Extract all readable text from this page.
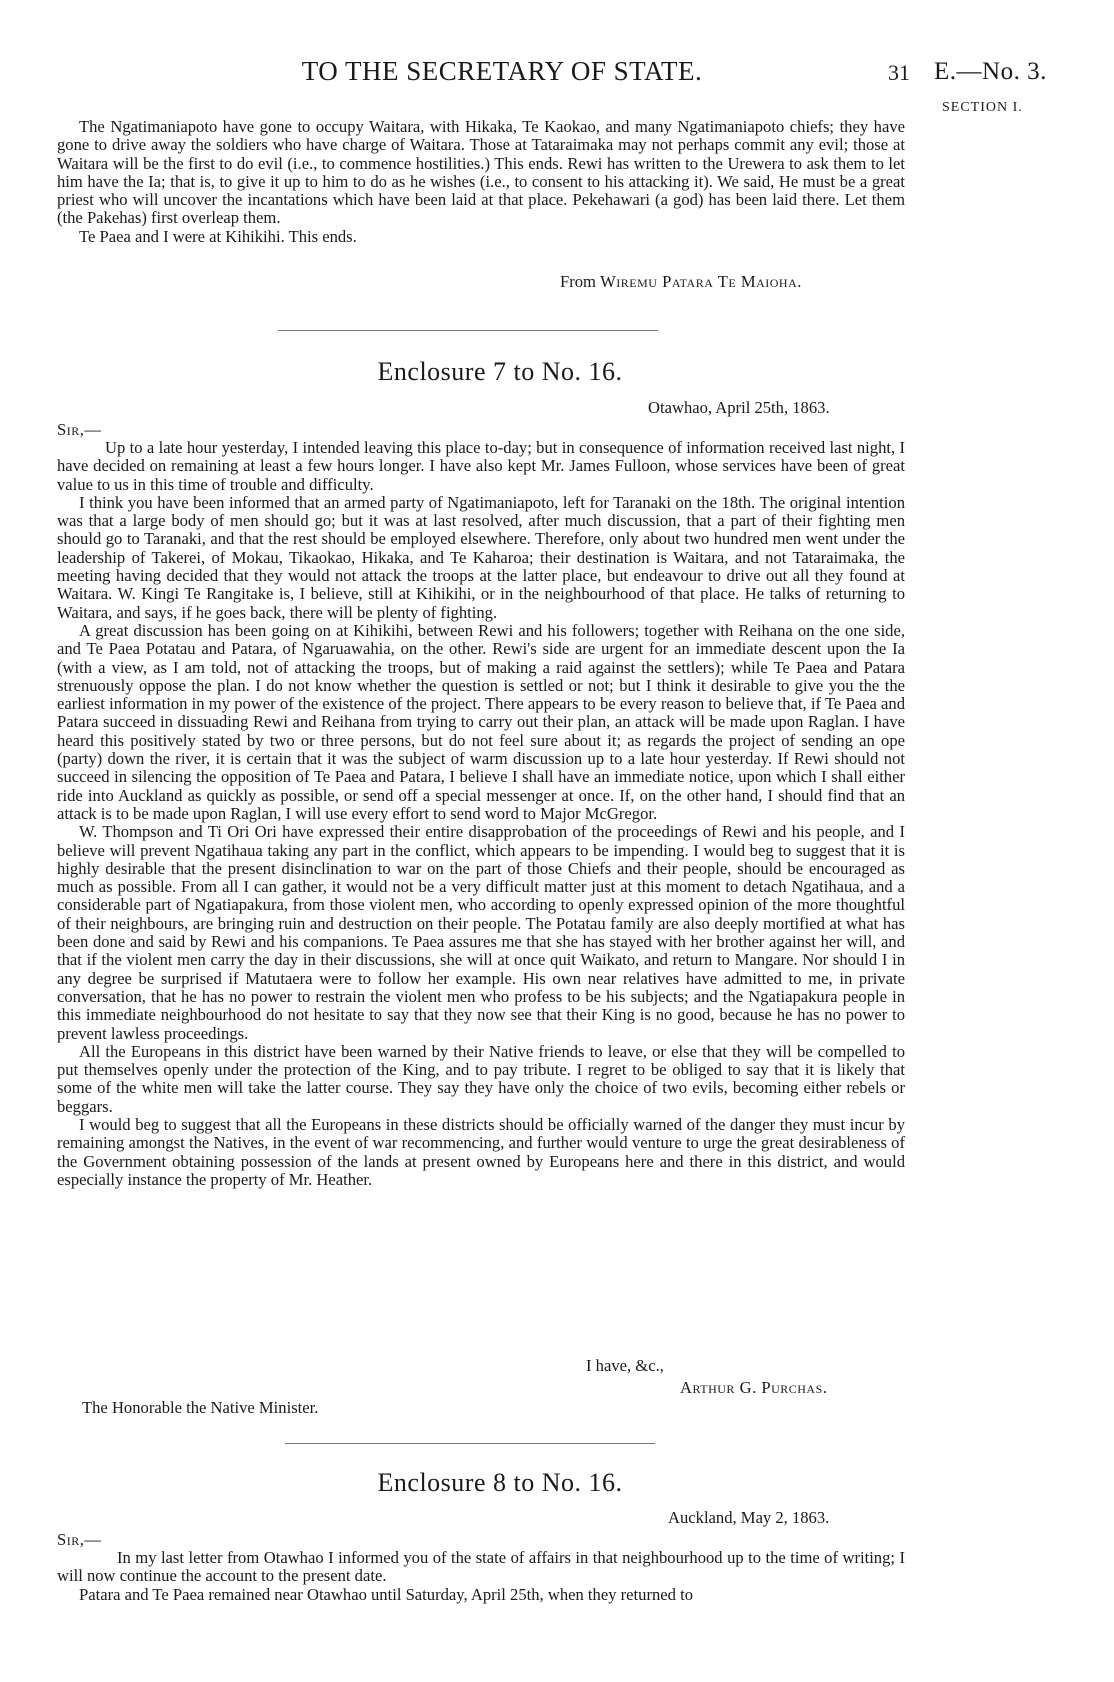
TO THE SECRETARY OF STATE.	31 E.—No. 3.
SECTION I.

The Ngatimaniapoto have gone to occupy Waitara, with Hikaka, Te Kaokao, and many Ngatimaniapoto chiefs; they have gone to drive away the soldiers who have charge of Waitara. Those at Tataraimaka may not perhaps commit any evil; those at Waitara will be the first to do evil (i.e., to commence hostilities.) This ends. Rewi has written to the Urewera to ask them to let him have the Ia; that is, to give it up to him to do as he wishes (i.e., to consent to his attacking it). We said, He must be a great priest who will uncover the incantations which have been laid at that place. Pekehawari (a god) has been laid there. Let them (the Pakehas) first overleap them.

Te Paea and I were at Kihikihi. This ends.

From Wiremu Patara Te Maioha.
Enclosure 7 to No. 16.
Otawhao, April 25th, 1863.
Sir,—

Up to a late hour yesterday, I intended leaving this place to-day; but in consequence of information received last night, I have decided on remaining at least a few hours longer. I have also kept Mr. James Fulloon, whose services have been of great value to us in this time of trouble and difficulty.

I think you have been informed that an armed party of Ngatimaniapoto, left for Taranaki on the 18th. The original intention was that a large body of men should go; but it was at last resolved, after much discussion, that a part of their fighting men should go to Taranaki, and that the rest should be employed elsewhere. Therefore, only about two hundred men went under the leadership of Takerei, of Mokau, Tikaokao, Hikaka, and Te Kaharoa; their destination is Waitara, and not Tataraimaka, the meeting having decided that they would not attack the troops at the latter place, but endeavour to drive out all they found at Waitara. W. Kingi Te Rangitake is, I believe, still at Kihikihi, or in the neighbourhood of that place. He talks of returning to Waitara, and says, if he goes back, there will be plenty of fighting.

A great discussion has been going on at Kihikihi, between Rewi and his followers; together with Reihana on the one side, and Te Paea Potatau and Patara, of Ngaruawahia, on the other. Rewi's side are urgent for an immediate descent upon the Ia (with a view, as I am told, not of attacking the troops, but of making a raid against the settlers); while Te Paea and Patara strenuously oppose the plan. I do not know whether the question is settled or not; but I think it desirable to give you the the earliest information in my power of the existence of the project. There appears to be every reason to believe that, if Te Paea and Patara succeed in dissuading Rewi and Reihana from trying to carry out their plan, an attack will be made upon Raglan. I have heard this positively stated by two or three persons, but do not feel sure about it; as regards the project of sending an ope (party) down the river, it is certain that it was the subject of warm discussion up to a late hour yesterday. If Rewi should not succeed in silencing the opposition of Te Paea and Patara, I believe I shall have an immediate notice, upon which I shall either ride into Auckland as quickly as possible, or send off a special messenger at once. If, on the other hand, I should find that an attack is to be made upon Raglan, I will use every effort to send word to Major McGregor.

W. Thompson and Ti Ori Ori have expressed their entire disapprobation of the proceedings of Rewi and his people, and I believe will prevent Ngatihaua taking any part in the conflict, which appears to be impending. I would beg to suggest that it is highly desirable that the present disinclination to war on the part of those Chiefs and their people, should be encouraged as much as possible. From all I can gather, it would not be a very difficult matter just at this moment to detach Ngatihaua, and a considerable part of Ngatiapakura, from those violent men, who according to openly expressed opinion of the more thoughtful of their neighbours, are bringing ruin and destruction on their people. The Potatau family are also deeply mortified at what has been done and said by Rewi and his companions. Te Paea assures me that she has stayed with her brother against her will, and that if the violent men carry the day in their discussions, she will at once quit Waikato, and return to Mangare. Nor should I in any degree be surprised if Matutaera were to follow her example. His own near relatives have admitted to me, in private conversation, that he has no power to restrain the violent men who profess to be his subjects; and the Ngatiapakura people in this immediate neighbourhood do not hesitate to say that they now see that their King is no good, because he has no power to prevent lawless proceedings.

All the Europeans in this district have been warned by their Native friends to leave, or else that they will be compelled to put themselves openly under the protection of the King, and to pay tribute. I regret to be obliged to say that it is likely that some of the white men will take the latter course. They say they have only the choice of two evils, becoming either rebels or beggars.

I would beg to suggest that all the Europeans in these districts should be officially warned of the danger they must incur by remaining amongst the Natives, in the event of war recommencing, and further would venture to urge the great desirableness of the Government obtaining possession of the lands at present owned by Europeans here and there in this district, and would especially instance the property of Mr. Heather.

I have, &c.,
Arthur G. Purchas.
The Honorable the Native Minister.
Enclosure 8 to No. 16.
Auckland, May 2, 1863.
Sir,—

In my last letter from Otawhao I informed you of the state of affairs in that neighbourhood up to the time of writing; I will now continue the account to the present date.

Patara and Te Paea remained near Otawhao until Saturday, April 25th, when they returned to
